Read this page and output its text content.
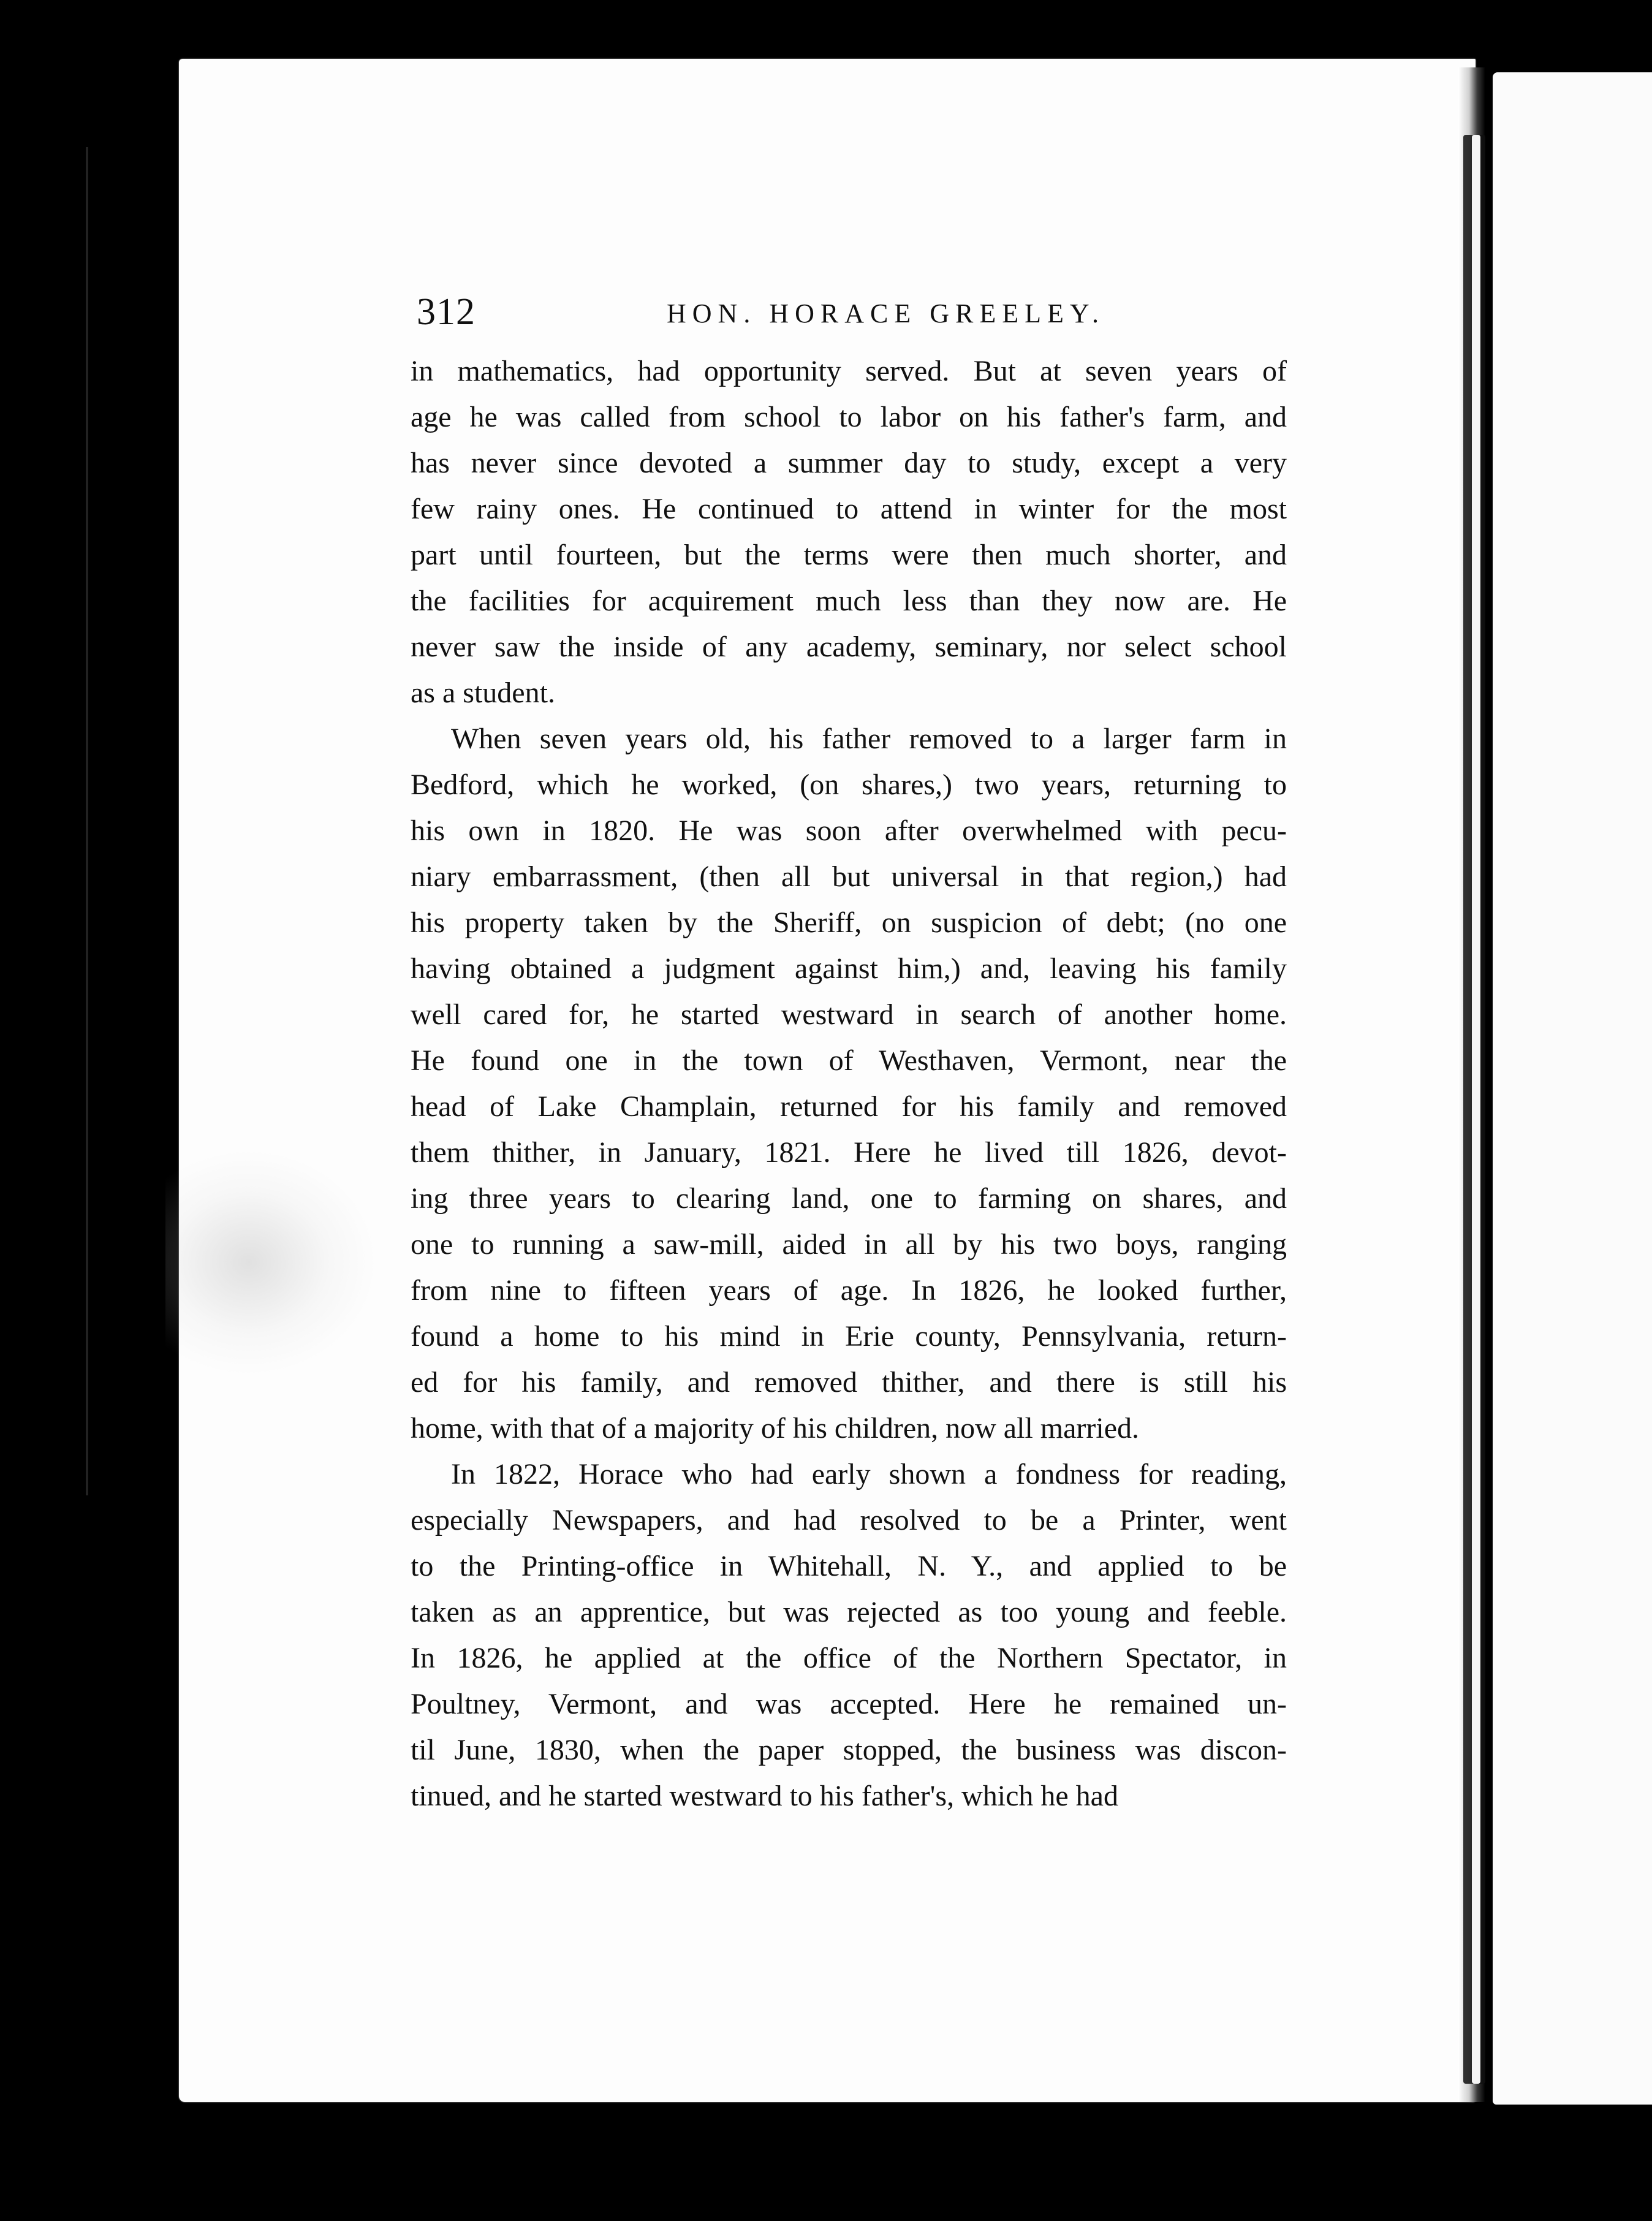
312	HON. HORACE GREELEY.
in mathematics, had opportunity served. But at seven years of
age he was called from school to labor on his father's farm, and
has never since devoted a summer day to study, except a very
few rainy ones. He continued to attend in winter for the most
part until fourteen, but the terms were then much shorter, and
the facilities for acquirement much less than they now are. He
never saw the inside of any academy, seminary, nor select school
as a student.
When seven years old, his father removed to a larger farm in
Bedford, which he worked, (on shares,) two years, returning to
his own in 1820. He was soon after overwhelmed with pecu-
niary embarrassment, (then all but universal in that region,) had
his property taken by the Sheriff, on suspicion of debt; (no one
having obtained a judgment against him,) and, leaving his family
well cared for, he started westward in search of another home.
He found one in the town of Westhaven, Vermont, near the
head of Lake Champlain, returned for his family and removed
them thither, in January, 1821. Here he lived till 1826, devot-
ing three years to clearing land, one to farming on shares, and
one to running a saw-mill, aided in all by his two boys, ranging
from nine to fifteen years of age. In 1826, he looked further,
found a home to his mind in Erie county, Pennsylvania, return-
ed for his family, and removed thither, and there is still his
home, with that of a majority of his children, now all married.
In 1822, Horace who had early shown a fondness for reading,
especially Newspapers, and had resolved to be a Printer, went
to the Printing-office in Whitehall, N. Y., and applied to be
taken as an apprentice, but was rejected as too young and feeble.
In 1826, he applied at the office of the Northern Spectator, in
Poultney, Vermont, and was accepted. Here he remained un-
til June, 1830, when the paper stopped, the business was discon-
tinued, and he started westward to his father's, which he had
